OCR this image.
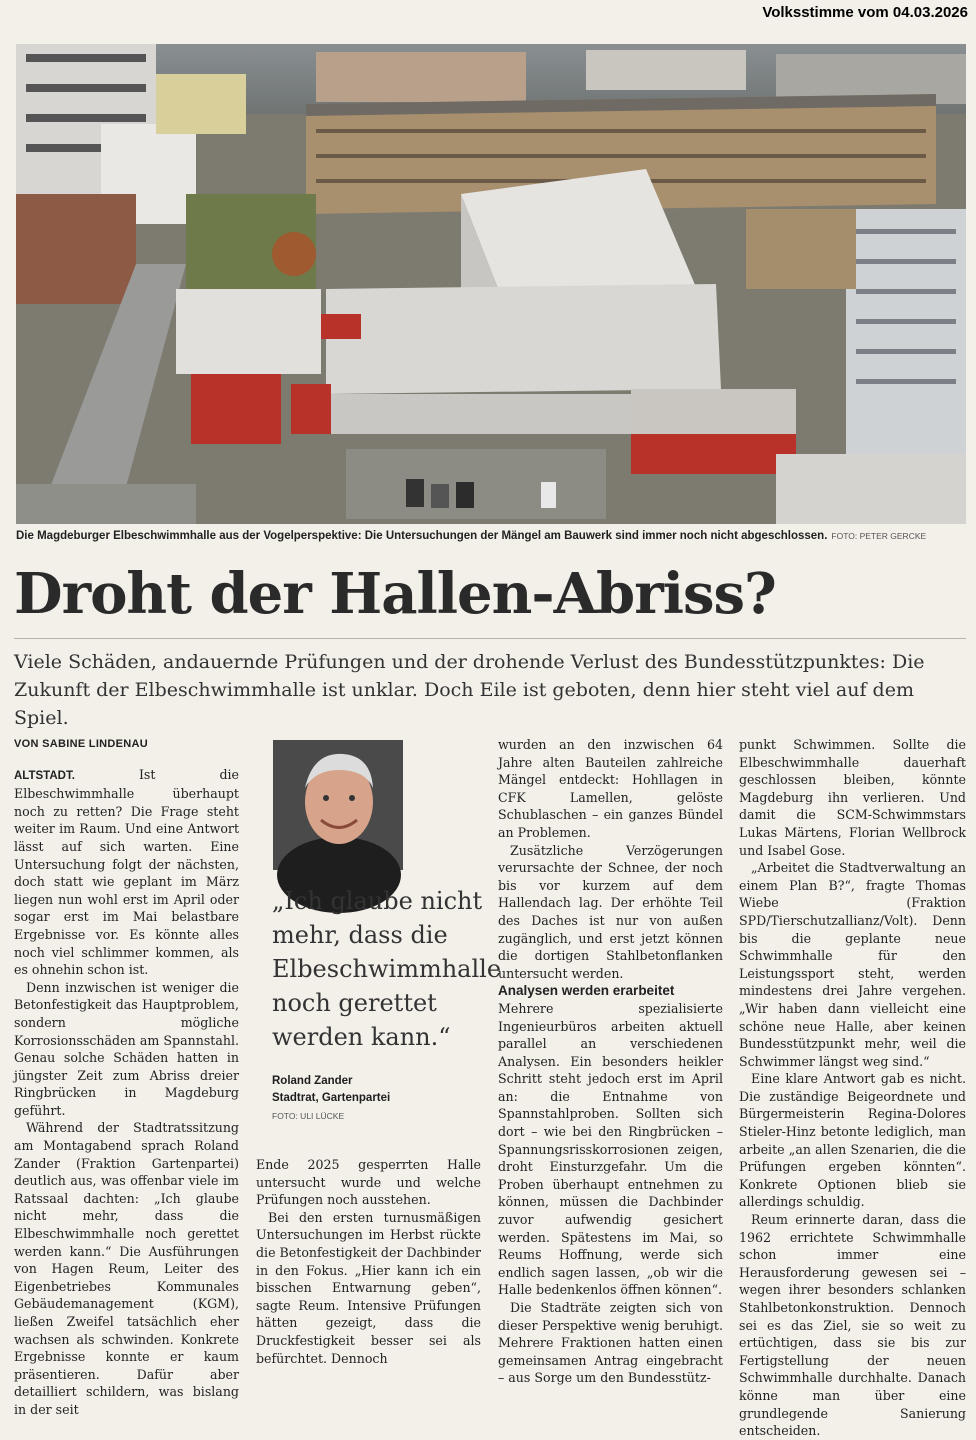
Volksstimme vom 04.03.2026
Die Magdeburger Elbeschwimmhalle aus der Vogelperspektive: Die Untersuchungen der Mängel am Bauwerk sind immer noch nicht abgeschlossen. FOTO: PETER GERCKE
Droht der Hallen-Abriss?
Viele Schäden, andauernde Prüfungen und der drohende Verlust des Bundesstützpunktes: Die Zukunft der Elbeschwimmhalle ist unklar. Doch Eile ist geboten, denn hier steht viel auf dem Spiel.
VON SABINE LINDENAU

ALTSTADT.	Ist die Elbeschwimmhalle überhaupt noch zu retten? Die Frage steht weiter im Raum. Und eine Antwort lässt auf sich warten. Eine Untersuchung folgt der nächsten, doch statt wie geplant im März liegen nun wohl erst im April oder sogar erst im Mai belastbare Ergebnisse vor. Es könnte alles noch viel schlimmer kommen, als es ohnehin schon ist.

Denn inzwischen ist weniger die Betonfestigkeit das Hauptproblem, sondern mögliche Korrosionsschäden am Spannstahl. Genau solche Schäden hatten in jüngster Zeit zum Abriss dreier Ringbrücken in Magdeburg geführt.

Während der Stadtratssitzung am Montagabend sprach Roland Zander (Fraktion Gartenpartei) deutlich aus, was offenbar viele im Ratssaal dachten: „Ich glaube nicht mehr, dass die Elbeschwimmhalle noch gerettet werden kann.“ Die Ausführungen von Hagen Reum, Leiter des Eigenbetriebes Kommunales Gebäudemanagement (KGM), ließen Zweifel tatsächlich eher wachsen als schwinden. Konkrete Ergebnisse konnte er kaum präsentieren. Dafür aber detailliert schildern, was bislang in der seit

„Ich glaube nicht mehr, dass die Elbeschwimmhalle noch gerettet werden kann.“
Roland Zander
Stadtrat, Gartenpartei
FOTO: ULI LÜCKE

Ende 2025 gesperrten Halle untersucht wurde und welche Prüfungen noch ausstehen.

Bei den ersten turnusmäßigen Untersuchungen im Herbst rückte die Betonfestigkeit der Dachbinder in den Fokus. „Hier kann ich ein bisschen Entwarnung geben“, sagte Reum. Intensive Prüfungen hätten gezeigt, dass die Druckfestigkeit besser sei als befürchtet. Dennoch

wurden an den inzwischen 64 Jahre alten Bauteilen zahlreiche Mängel entdeckt: Hohllagen in CFK Lamellen, gelöste Schublaschen – ein ganzes Bündel an Problemen.

Zusätzliche Verzögerungen verursachte der Schnee, der noch bis vor kurzem auf dem Hallendach lag. Der erhöhte Teil des Daches ist nur von außen zugänglich, und erst jetzt können die dortigen Stahlbetonflanken untersucht werden.

Analysen werden erarbeitet

Mehrere spezialisierte Ingenieurbüros arbeiten aktuell parallel an verschiedenen Analysen. Ein besonders heikler Schritt steht jedoch erst im April an: die Entnahme von Spannstahlproben. Sollten sich dort – wie bei den Ringbrücken – Spannungsrisskorrosionen zeigen, droht Einsturzgefahr. Um die Proben überhaupt entnehmen zu können, müssen die Dachbinder zuvor aufwendig gesichert werden. Spätestens im Mai, so Reums Hoffnung, werde sich endlich sagen lassen, „ob wir die Halle bedenkenlos öffnen können“.

Die Stadträte zeigten sich von dieser Perspektive wenig beruhigt. Mehrere Fraktionen hatten einen gemeinsamen Antrag eingebracht – aus Sorge um den Bundesstütz-

punkt Schwimmen. Sollte die Elbeschwimmhalle dauerhaft geschlossen bleiben, könnte Magdeburg ihn verlieren. Und damit die SCM-Schwimmstars Lukas Märtens, Florian Wellbrock und Isabel Gose.

„Arbeitet die Stadtverwaltung an einem Plan B?“, fragte Thomas Wiebe (Fraktion SPD/Tierschutzallianz/Volt). Denn bis die geplante neue Schwimmhalle für den Leistungssport steht, werden mindestens drei Jahre vergehen. „Wir haben dann vielleicht eine schöne neue Halle, aber keinen Bundesstützpunkt mehr, weil die Schwimmer längst weg sind.“

Eine klare Antwort gab es nicht. Die zuständige Beigeordnete und Bürgermeisterin Regina-Dolores Stieler-Hinz betonte lediglich, man arbeite „an allen Szenarien, die die Prüfungen ergeben könnten“. Konkrete Optionen blieb sie allerdings schuldig.

Reum erinnerte daran, dass die 1962 errichtete Schwimmhalle schon immer eine Herausforderung gewesen sei – wegen ihrer besonders schlanken Stahlbetonkonstruktion. Dennoch sei es das Ziel, sie so weit zu ertüchtigen, dass sie bis zur Fertigstellung der neuen Schwimmhalle durchhalte. Danach könne man über eine grundlegende Sanierung entscheiden.
